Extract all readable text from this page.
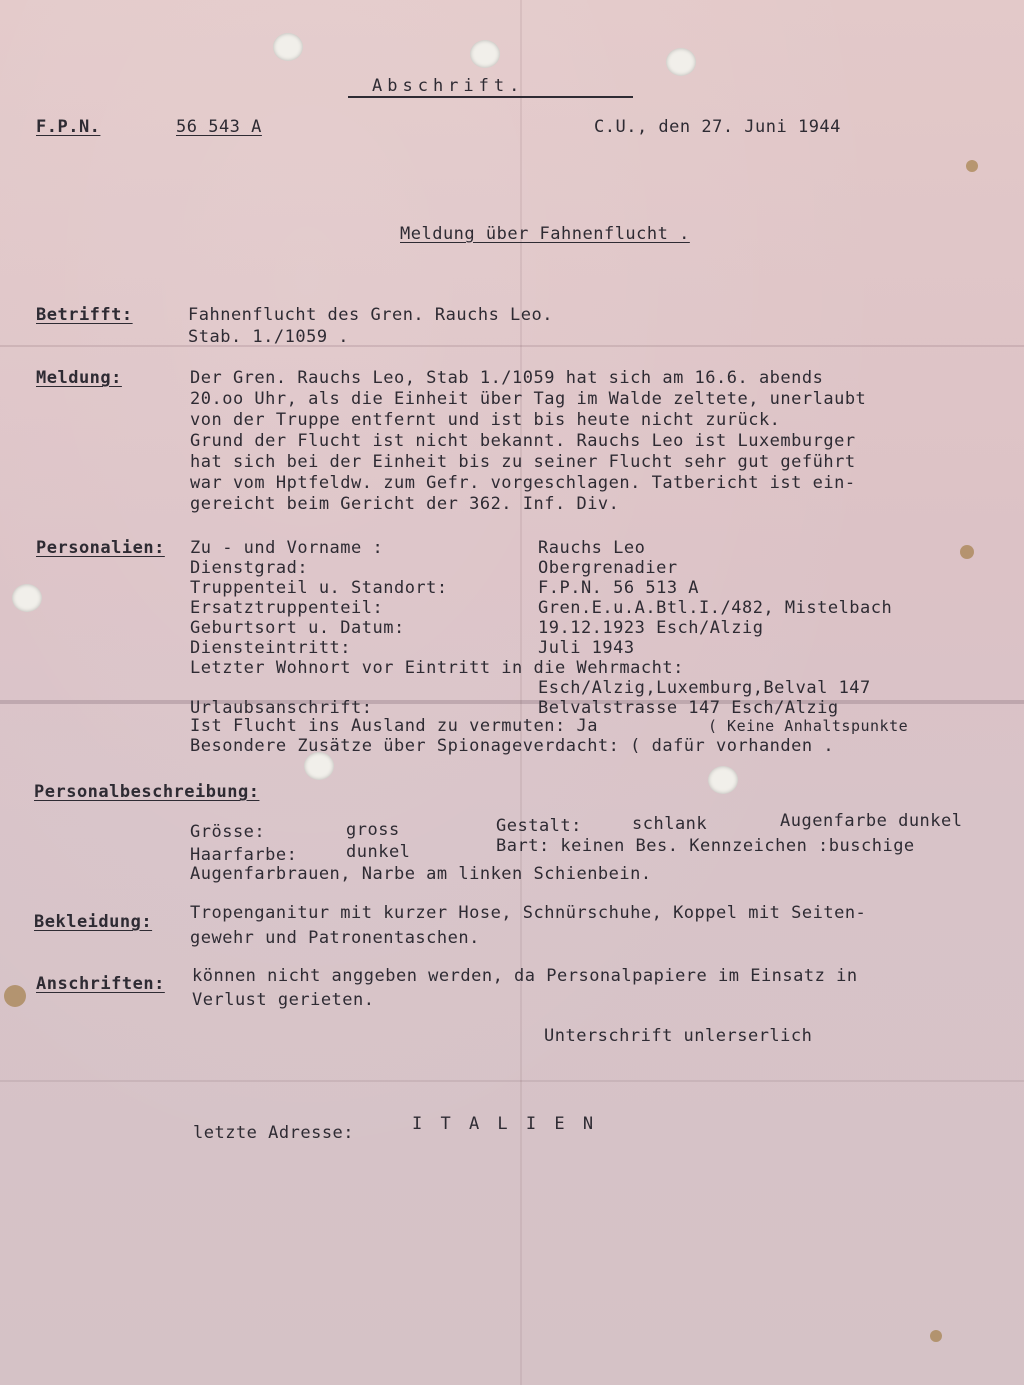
Abschrift.
F.P.N.	56 543 A	C.U., den 27. Juni 1944
Meldung über Fahnenflucht .
Betrifft:	Fahnenflucht des Gren. Rauchs Leo.
Stab. 1./1059 .
Meldung:	Der Gren. Rauchs Leo, Stab 1./1059 hat sich am 16.6. abends
20.oo Uhr, als die Einheit über Tag im Walde zeltete, unerlaubt
von der Truppe entfernt und ist bis heute nicht zurück.
Grund der Flucht ist nicht bekannt. Rauchs Leo ist Luxemburger
hat sich bei der Einheit bis zu seiner Flucht sehr gut geführt
war vom Hptfeldw. zum Gefr. vorgeschlagen. Tatbericht ist ein-
gereicht beim Gericht der 362. Inf. Div.
Personalien: Zu - und Vorname :	Rauchs Leo
Dienstgrad:	Obergrenadier
Truppenteil u. Standort:	F.P.N. 56 513 A
Ersatztruppenteil:	Gren.E.u.A.Btl.I./482, Mistelbach
Geburtsort u. Datum:	19.12.1923 Esch/Alzig
Diensteintritt:	Juli 1943
Letzter Wohnort vor Eintritt in die Wehrmacht:
Esch/Alzig,Luxemburg,Belval 147
Urlaubsanschrift:	Belvalstrasse 147 Esch/Alzig
Ist Flucht ins Ausland zu vermuten: Ja	( Keine Anhaltspunkte
Besondere Zusätze über Spionageverdacht: ( dafür vorhanden .
Personalbeschreibung:
Grösse:	gross	Gestalt:	schlank	Augenfarbe dunkel
Haarfarbe:	dunkel	Bart: keinen Bes. Kennzeichen :buschige
Augenfarbrauen, Narbe am linken Schienbein.
Bekleidung: Tropenganitur mit kurzer Hose, Schnürschuhe, Koppel mit Seiten-
gewehr und Patronentaschen.
Anschriften: können nicht anggeben werden, da Personalpapiere im Einsatz in
Verlust gerieten.
Unterschrift unlerserlich
letzte Adresse:	I T A L I E N
